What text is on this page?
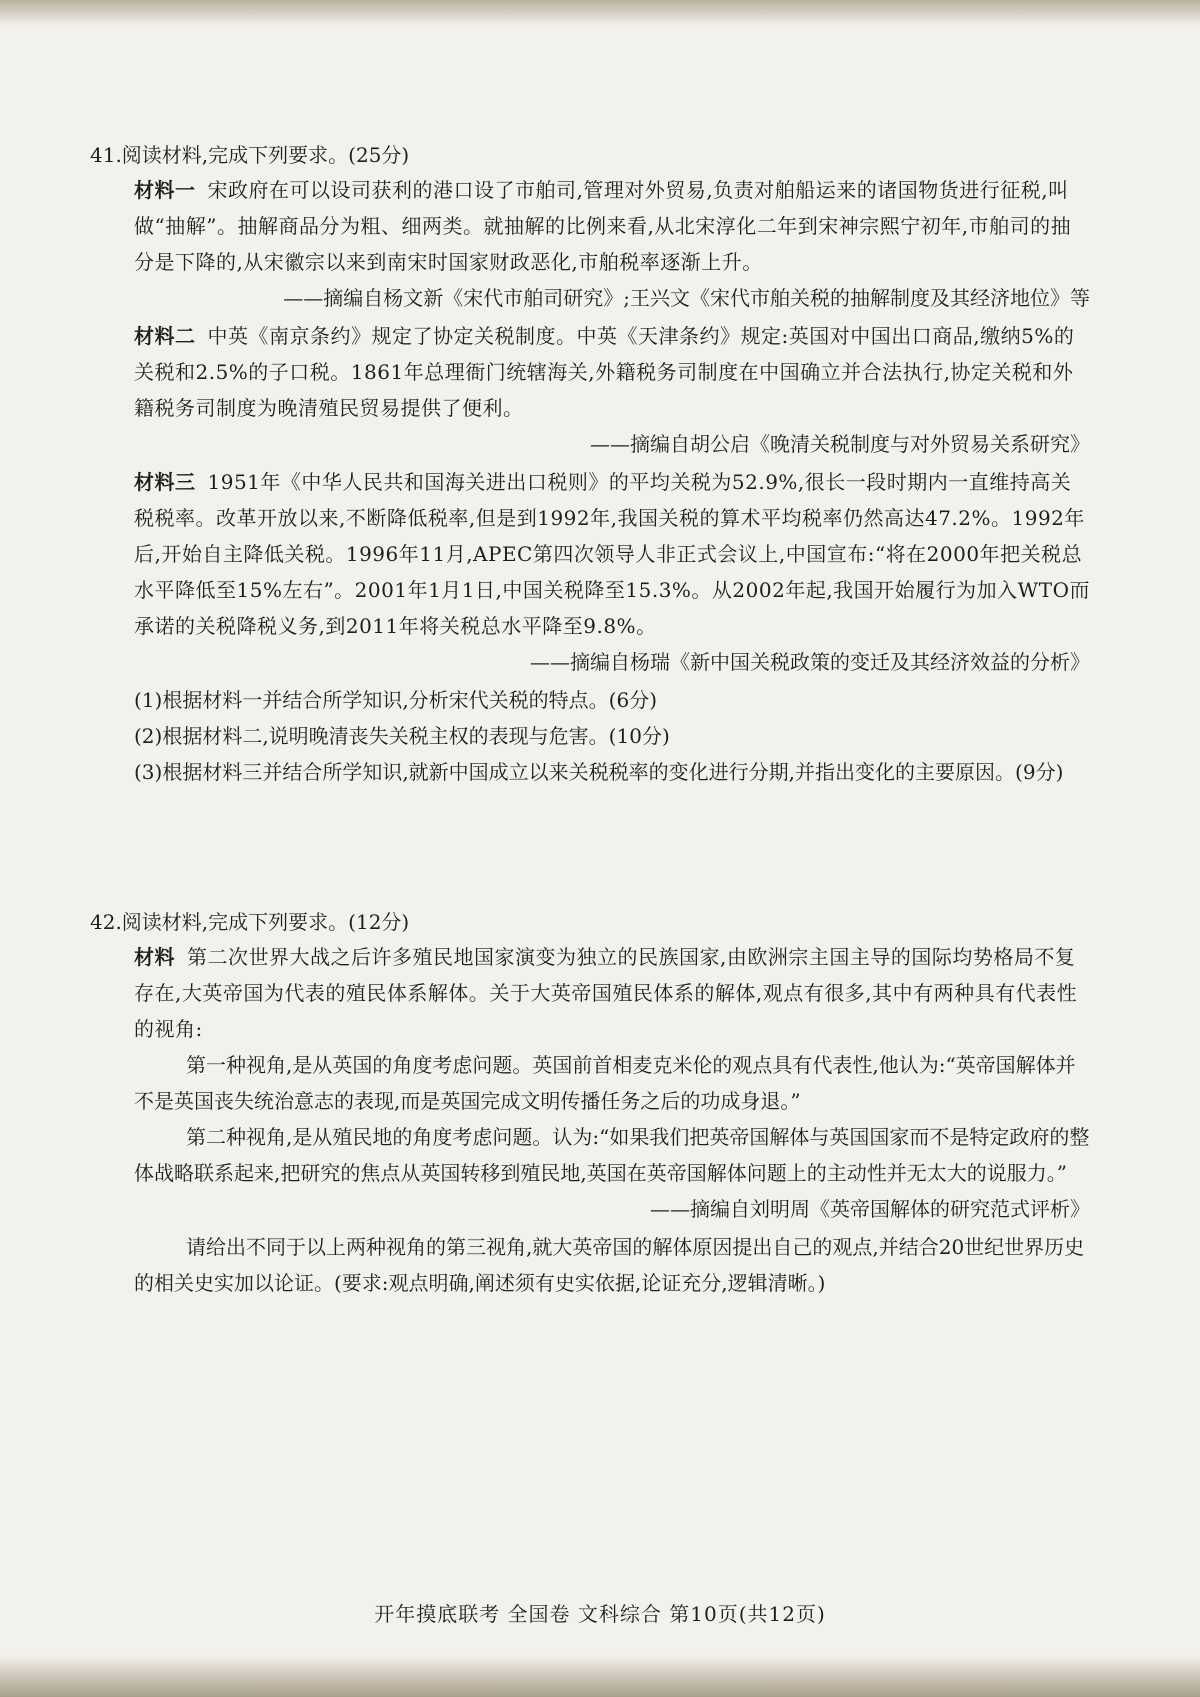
41.阅读材料,完成下列要求。(25分)
材料一 宋政府在可以设司获利的港口设了市舶司,管理对外贸易,负责对舶船运来的诸国物货进行征税,叫做“抽解”。抽解商品分为粗、细两类。就抽解的比例来看,从北宋淳化二年到宋神宗熙宁初年,市舶司的抽分是下降的,从宋徽宗以来到南宋时国家财政恶化,市舶税率逐渐上升。
——摘编自杨文新《宋代市舶司研究》;王兴文《宋代市舶关税的抽解制度及其经济地位》等
材料二 中英《南京条约》规定了协定关税制度。中英《天津条约》规定:英国对中国出口商品,缴纳5%的关税和2.5%的子口税。1861年总理衙门统辖海关,外籍税务司制度在中国确立并合法执行,协定关税和外籍税务司制度为晚清殖民贸易提供了便利。
——摘编自胡公启《晚清关税制度与对外贸易关系研究》
材料三 1951年《中华人民共和国海关进出口税则》的平均关税为52.9%,很长一段时期内一直维持高关税税率。改革开放以来,不断降低税率,但是到1992年,我国关税的算术平均税率仍然高达47.2%。1992年后,开始自主降低关税。1996年11月,APEC第四次领导人非正式会议上,中国宣布:“将在2000年把关税总水平降低至15%左右”。2001年1月1日,中国关税降至15.3%。从2002年起,我国开始履行为加入WTO而承诺的关税降税义务,到2011年将关税总水平降至9.8%。
——摘编自杨瑞《新中国关税政策的变迁及其经济效益的分析》
(1)根据材料一并结合所学知识,分析宋代关税的特点。(6分)
(2)根据材料二,说明晚清丧失关税主权的表现与危害。(10分)
(3)根据材料三并结合所学知识,就新中国成立以来关税税率的变化进行分期,并指出变化的主要原因。(9分)
42.阅读材料,完成下列要求。(12分)
材料 第二次世界大战之后许多殖民地国家演变为独立的民族国家,由欧洲宗主国主导的国际均势格局不复存在,大英帝国为代表的殖民体系解体。关于大英帝国殖民体系的解体,观点有很多,其中有两种具有代表性的视角:
第一种视角,是从英国的角度考虑问题。英国前首相麦克米伦的观点具有代表性,他认为:“英帝国解体并不是英国丧失统治意志的表现,而是英国完成文明传播任务之后的功成身退。”
第二种视角,是从殖民地的角度考虑问题。认为:“如果我们把英帝国解体与英国国家而不是特定政府的整体战略联系起来,把研究的焦点从英国转移到殖民地,英国在英帝国解体问题上的主动性并无太大的说服力。”
——摘编自刘明周《英帝国解体的研究范式评析》
请给出不同于以上两种视角的第三视角,就大英帝国的解体原因提出自己的观点,并结合20世纪世界历史的相关史实加以论证。(要求:观点明确,阐述须有史实依据,论证充分,逻辑清晰。)
开年摸底联考 全国卷 文科综合 第10页(共12页)
